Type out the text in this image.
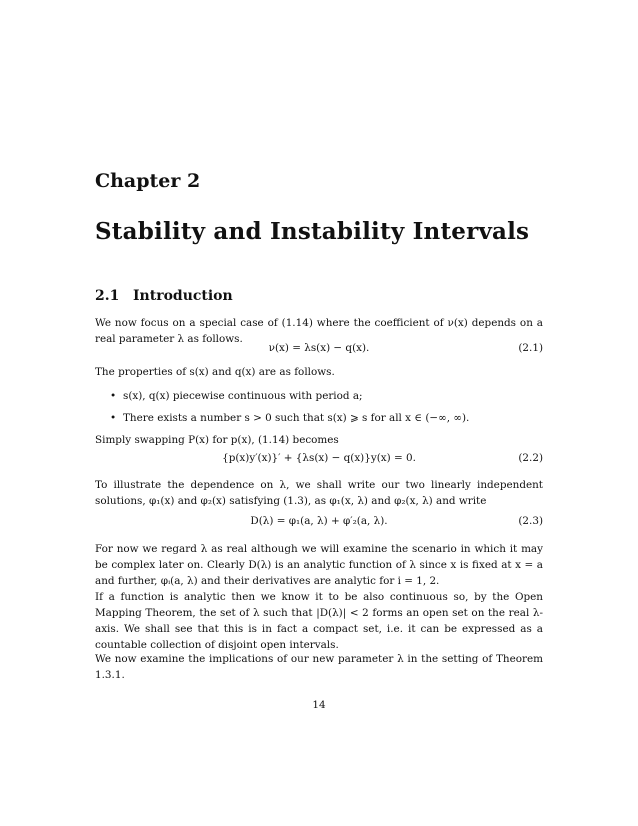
Chapter 2
Stability and Instability Intervals
2.1 Introduction
We now focus on a special case of (1.14) where the coefficient of ν(x) depends on a real parameter λ as follows.
ν(x) = λs(x) − q(x).	(2.1)
The properties of s(x) and q(x) are as follows.
• s(x), q(x) piecewise continuous with period a;
• There exists a number s > 0 such that s(x) ⩾ s for all x ∈ (−∞, ∞).
Simply swapping P(x) for p(x), (1.14) becomes
{p(x)y′(x)}′ + {λs(x) − q(x)}y(x) = 0.	(2.2)
To illustrate the dependence on λ, we shall write our two linearly independent solutions, φ₁(x) and φ₂(x) satisfying (1.3), as φ₁(x, λ) and φ₂(x, λ) and write
D(λ) = φ₁(a, λ) + φ′₂(a, λ).	(2.3)
For now we regard λ as real although we will examine the scenario in which it may be complex later on. Clearly D(λ) is an analytic function of λ since x is fixed at x = a and further, φᵢ(a, λ) and their derivatives are analytic for i = 1, 2.
If a function is analytic then we know it to be also continuous so, by the Open Mapping Theorem, the set of λ such that |D(λ)| < 2 forms an open set on the real λ-axis. We shall see that this is in fact a compact set, i.e. it can be expressed as a countable collection of disjoint open intervals.
We now examine the implications of our new parameter λ in the setting of Theorem 1.3.1.
14
